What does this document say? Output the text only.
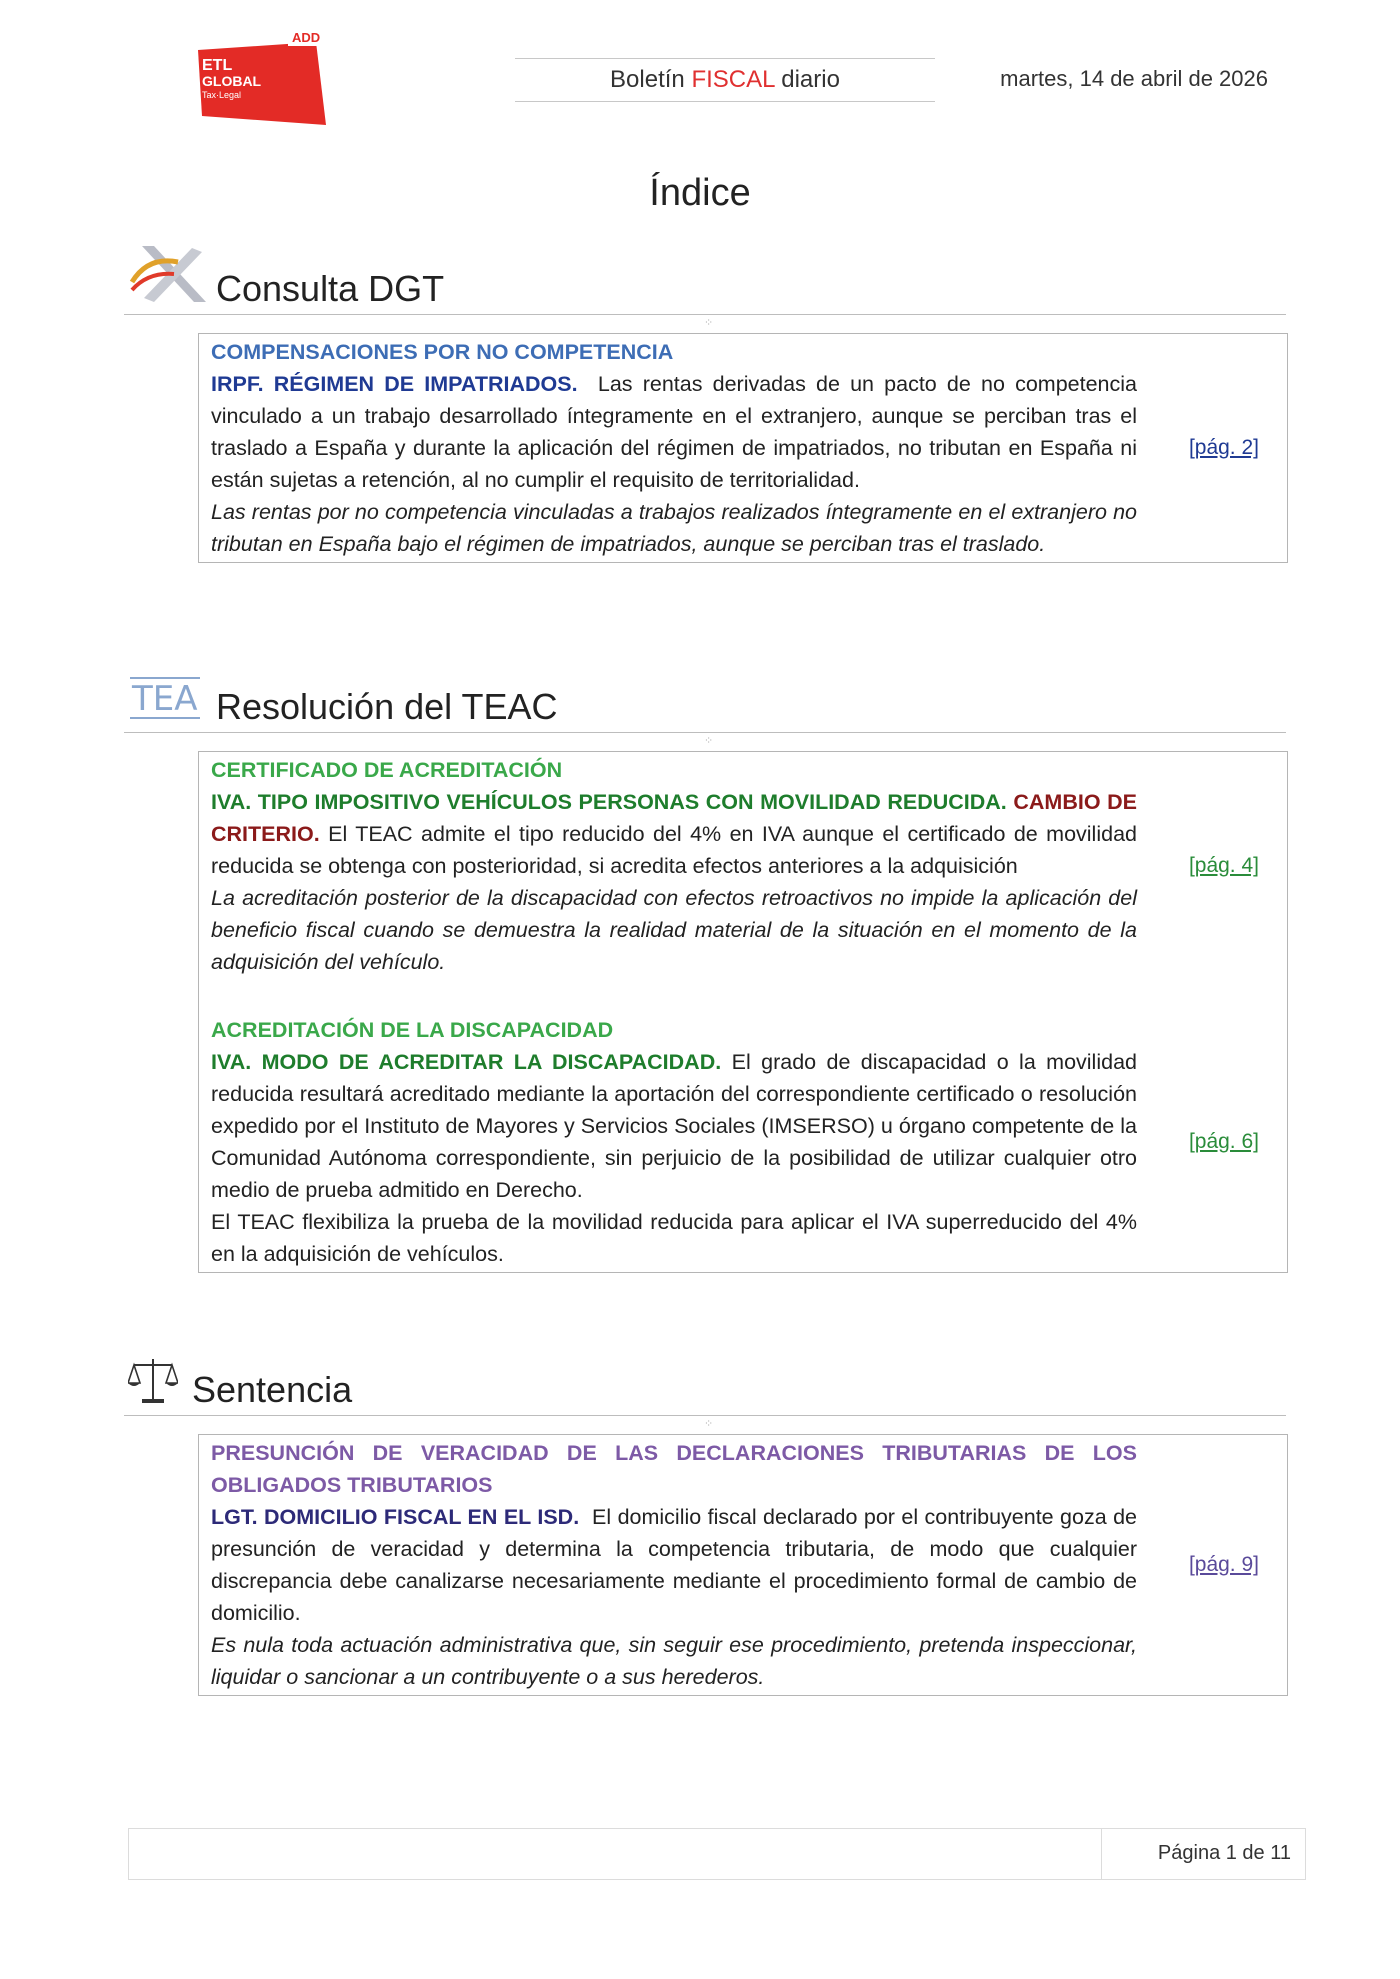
ADD
ETL
GLOBAL
Tax·Legal
Boletín FISCAL diario	martes, 14 de abril de 2026
Índice
Consulta DGT
⁘

COMPENSACIONES POR NO COMPETENCIA

IRPF. RÉGIMEN DE IMPATRIADOS. Las rentas derivadas de un pacto de no competencia vinculado a un trabajo desarrollado íntegramente en el extranjero, aunque se perciban tras el traslado a España y durante la aplicación del régimen de impatriados, no tributan en España ni están sujetas a retención, al no cumplir el requisito de territorialidad.

Las rentas por no competencia vinculadas a trabajos realizados íntegramente en el extranjero no tributan en España bajo el régimen de impatriados, aunque se perciban tras el traslado.

[pág. 2]
TEA Resolución del TEAC
⁘

CERTIFICADO DE ACREDITACIÓN

IVA. TIPO IMPOSITIVO VEHÍCULOS PERSONAS CON MOVILIDAD REDUCIDA. CAMBIO DE CRITERIO. El TEAC admite el tipo reducido del 4% en IVA aunque el certificado de movilidad reducida se obtenga con posterioridad, si acredita efectos anteriores a la adquisición

La acreditación posterior de la discapacidad con efectos retroactivos no impide la aplicación del beneficio fiscal cuando se demuestra la realidad material de la situación en el momento de la adquisición del vehículo.

[pág. 4]

ACREDITACIÓN DE LA DISCAPACIDAD

IVA. MODO DE ACREDITAR LA DISCAPACIDAD. El grado de discapacidad o la movilidad reducida resultará acreditado mediante la aportación del correspondiente certificado o resolución expedido por el Instituto de Mayores y Servicios Sociales (IMSERSO) u órgano competente de la Comunidad Autónoma correspondiente, sin perjuicio de la posibilidad de utilizar cualquier otro medio de prueba admitido en Derecho.

El TEAC flexibiliza la prueba de la movilidad reducida para aplicar el IVA superreducido del 4% en la adquisición de vehículos.

[pág. 6]
Sentencia
⁘

PRESUNCIÓN DE VERACIDAD DE LAS DECLARACIONES TRIBUTARIAS DE LOS OBLIGADOS TRIBUTARIOS

LGT. DOMICILIO FISCAL EN EL ISD. El domicilio fiscal declarado por el contribuyente goza de presunción de veracidad y determina la competencia tributaria, de modo que cualquier discrepancia debe canalizarse necesariamente mediante el procedimiento formal de cambio de domicilio.

Es nula toda actuación administrativa que, sin seguir ese procedimiento, pretenda inspeccionar, liquidar o sancionar a un contribuyente o a sus herederos.

[pág. 9]
Página 1 de 11
